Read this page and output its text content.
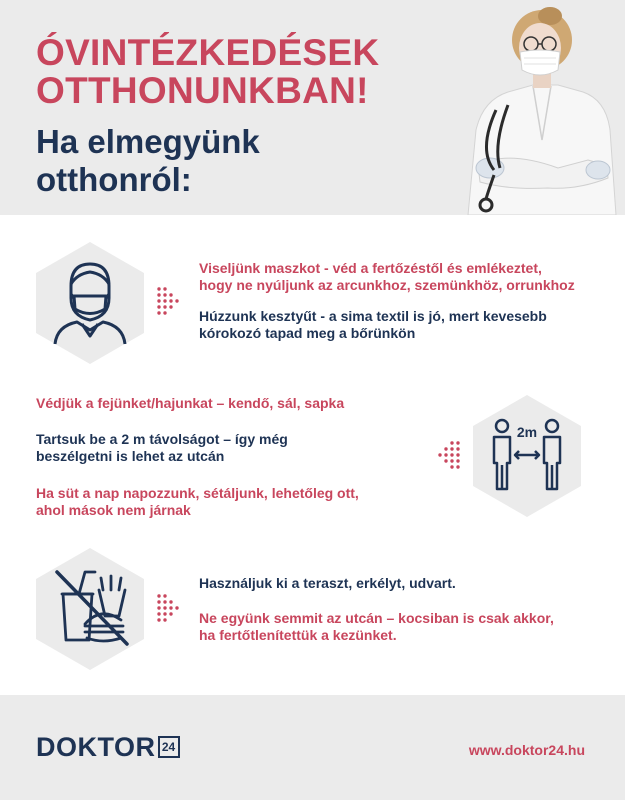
ÓVINTÉZKEDÉSEK
OTTHONUNKBAN!
Ha elmegyünk
otthonról:
Viseljünk maszkot - véd a fertőzéstől és emlékeztet,
hogy ne nyúljunk az arcunkhoz, szemünkhöz, orrunkhoz
Húzzunk kesztyűt - a sima textil is jó, mert kevesebb
kórokozó tapad meg a bőrünkön
Védjük a fejünket/hajunkat – kendő, sál, sapka
Tartsuk be a 2 m távolságot – így még
beszélgetni is lehet az utcán
Ha süt a nap napozzunk, sétáljunk, lehetőleg ott,
ahol mások nem járnak
2m
Használjuk ki a teraszt, erkélyt, udvart.
Ne együnk semmit az utcán – kocsiban is csak akkor,
ha fertőtlenítettük a kezünket.
DOKTOR 24	www.doktor24.hu
